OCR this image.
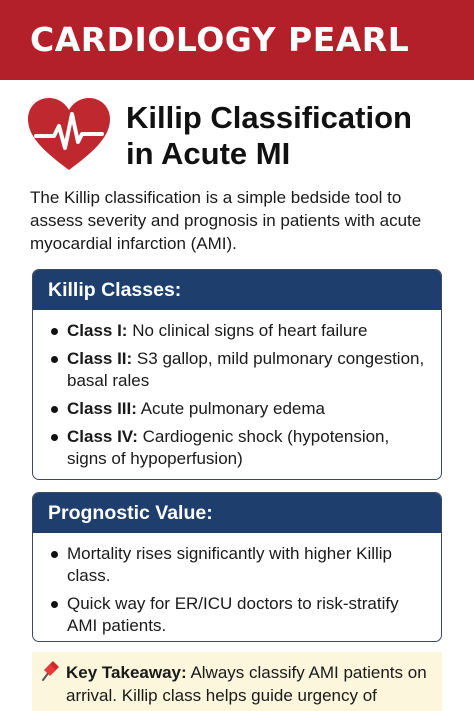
CARDIOLOGY PEARL
Killip Classification
in Acute MI

The Killip classification is a simple bedside tool to assess severity and prognosis in patients with acute myocardial infarction (AMI).

Killip Classes:
Class I: No clinical signs of heart failure
Class II: S3 gallop, mild pulmonary congestion, basal rales
Class III: Acute pulmonary edema
Class IV: Cardiogenic shock (hypotension, signs of hypoperfusion)
Prognostic Value:
Mortality rises significantly with higher Killip class.
Quick way for ER/ICU doctors to risk-stratify AMI patients.
Key Takeaway: Always classify AMI patients on arrival. Killip class helps guide urgency of
